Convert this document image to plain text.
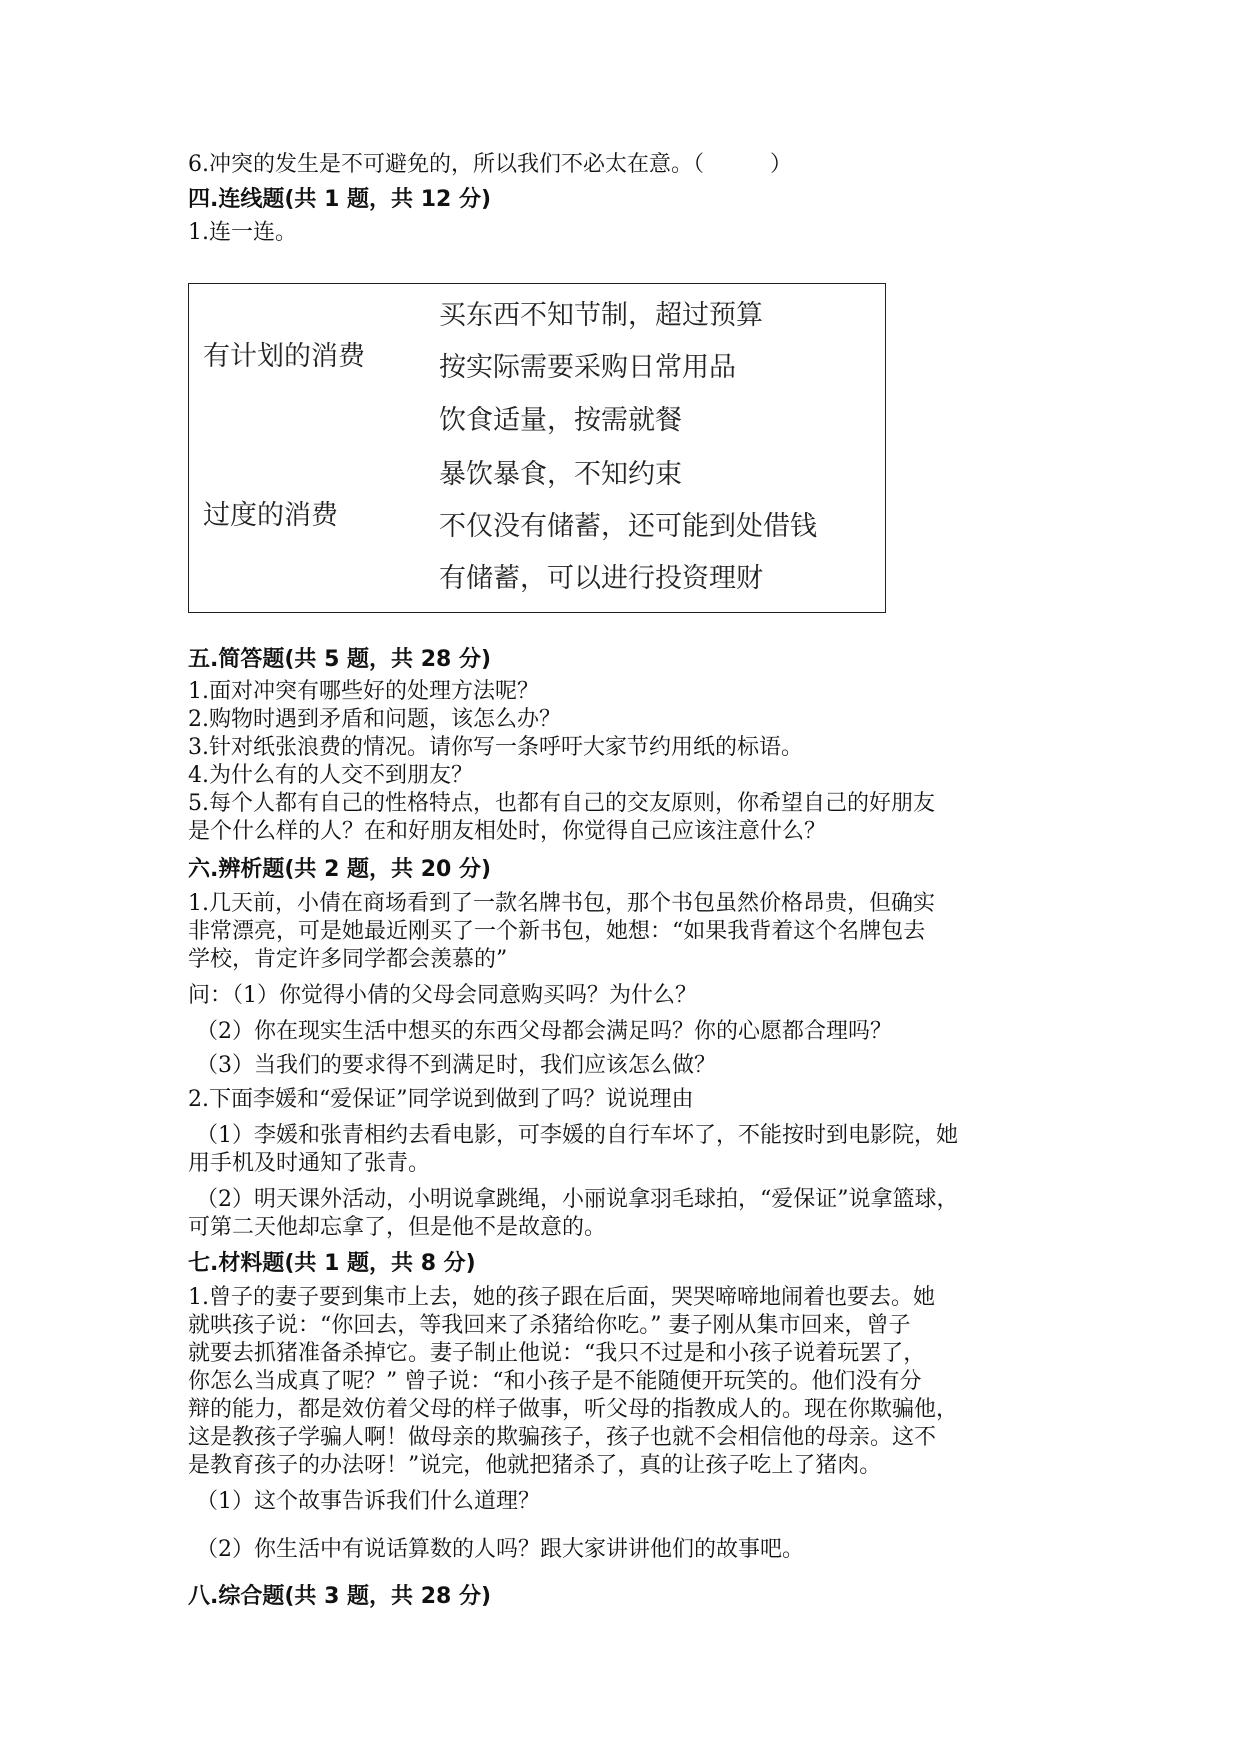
6.冲突的发生是不可避免的，所以我们不必太在意。（　　　）
四.连线题(共 1 题，共 12 分)
1.连一连。
有计划的消费
过度的消费
买东西不知节制，超过预算
按实际需要采购日常用品
饮食适量，按需就餐
暴饮暴食，不知约束
不仅没有储蓄，还可能到处借钱
有储蓄，可以进行投资理财
五.简答题(共 5 题，共 28 分)
1.面对冲突有哪些好的处理方法呢？
2.购物时遇到矛盾和问题，该怎么办？
3.针对纸张浪费的情况。请你写一条呼吁大家节约用纸的标语。
4.为什么有的人交不到朋友？
5.每个人都有自己的性格特点，也都有自己的交友原则，你希望自己的好朋友
是个什么样的人？在和好朋友相处时，你觉得自己应该注意什么？
六.辨析题(共 2 题，共 20 分)
1.几天前，小倩在商场看到了一款名牌书包，那个书包虽然价格昂贵，但确实
非常漂亮，可是她最近刚买了一个新书包，她想：“如果我背着这个名牌包去
学校，肯定许多同学都会羡慕的”
问：（1）你觉得小倩的父母会同意购买吗？为什么？
（2）你在现实生活中想买的东西父母都会满足吗？你的心愿都合理吗？
（3）当我们的要求得不到满足时，我们应该怎么做？
2.下面李媛和“爱保证”同学说到做到了吗？说说理由
（1）李媛和张青相约去看电影，可李媛的自行车坏了，不能按时到电影院，她
用手机及时通知了张青。
（2）明天课外活动，小明说拿跳绳，小丽说拿羽毛球拍，“爱保证”说拿篮球，
可第二天他却忘拿了，但是他不是故意的。
七.材料题(共 1 题，共 8 分)
1.曾子的妻子要到集市上去，她的孩子跟在后面，哭哭啼啼地闹着也要去。她
就哄孩子说：“你回去，等我回来了杀猪给你吃。” 妻子刚从集市回来，曾子
就要去抓猪准备杀掉它。妻子制止他说：“我只不过是和小孩子说着玩罢了，
你怎么当成真了呢？” 曾子说：“和小孩子是不能随便开玩笑的。他们没有分
辩的能力，都是效仿着父母的样子做事，听父母的指教成人的。现在你欺骗他，
这是教孩子学骗人啊！做母亲的欺骗孩子，孩子也就不会相信他的母亲。这不
是教育孩子的办法呀！”说完，他就把猪杀了，真的让孩子吃上了猪肉。
（1）这个故事告诉我们什么道理？
（2）你生活中有说话算数的人吗？跟大家讲讲他们的故事吧。
八.综合题(共 3 题，共 28 分)
